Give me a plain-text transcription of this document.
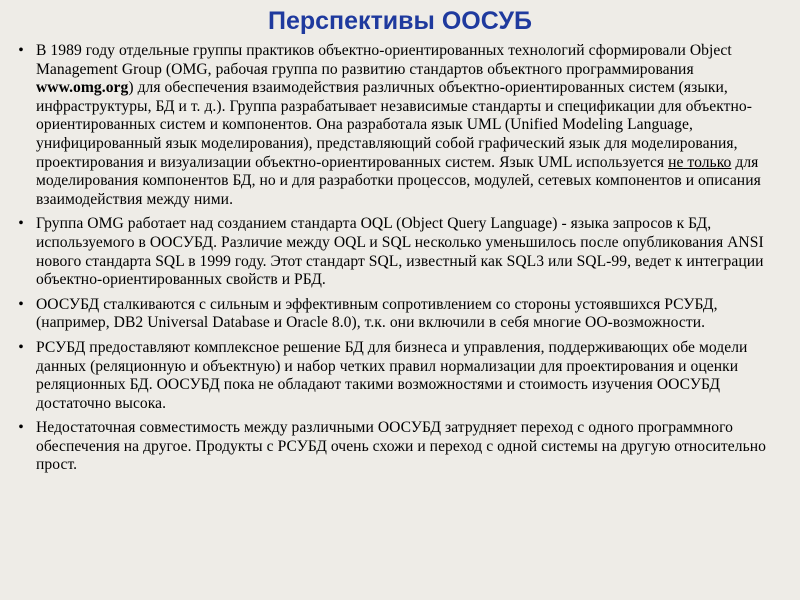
Перспективы ООСУБ
• В 1989 году отдельные группы практиков объектно-ориентированных технологий сформировали Object Management Group (OMG, рабочая группа по развитию стандартов объектного программирования www.omg.org) для обеспечения взаимодействия различных объектно-ориентированных систем (языки, инфраструктуры, БД и т. д.). Группа разрабатывает независимые стандарты и спецификации для объектно-ориентированных систем и компонентов. Она разработала язык UML (Unified Modeling Language, унифицированный язык моделирования), представляющий собой графический язык для моделирования, проектирования и визуализации объектно-ориентированных систем. Язык UML используется не только для моделирования компонентов БД, но и для разработки процессов, модулей, сетевых компонентов и описания взаимодействия между ними.
• Группа OMG работает над созданием стандарта OQL (Object Query Language) - языка запросов к БД, используемого в ООСУБД. Различие между OQL и SQL несколько уменьшилось после опубликования ANSI нового стандарта SQL в 1999 году. Этот стандарт SQL, известный как SQL3 или SQL-99, ведет к интеграции объектно-ориентированных свойств и РБД.
• ООСУБД сталкиваются с сильным и эффективным сопротивлением со стороны устоявшихся РСУБД, (например, DB2 Universal Database и Oracle 8.0), т.к. они включили в себя многие ОО-возможности.
• РСУБД предоставляют комплексное решение БД для бизнеса и управления, поддерживающих обе модели данных (реляционную и объектную) и набор четких правил нормализации для проектирования и оценки реляционных БД. ООСУБД пока не обладают такими возможностями и стоимость изучения ООСУБД достаточно высока.
• Недостаточная совместимость между различными ООСУБД затрудняет переход с одного программного обеспечения на другое. Продукты с РСУБД очень схожи и переход с одной системы на другую относительно прост.
